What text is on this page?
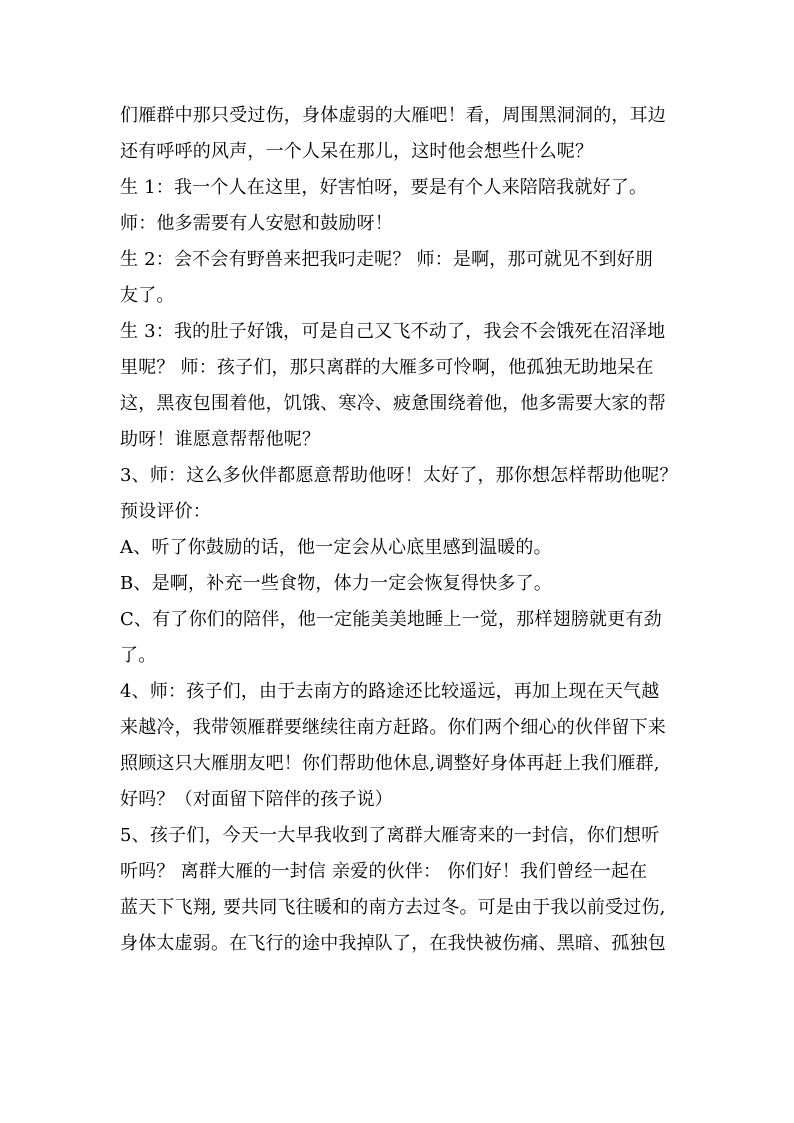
们雁群中那只受过伤，身体虚弱的大雁吧！看，周围黑洞洞的，耳边

还有呼呼的风声，一个人呆在那儿，这时他会想些什么呢？

生 1：我一个人在这里，好害怕呀，要是有个人来陪陪我就好了。

师：他多需要有人安慰和鼓励呀！

生 2：会不会有野兽来把我叼走呢？ 师：是啊，那可就见不到好朋

友了。

生 3：我的肚子好饿，可是自己又飞不动了，我会不会饿死在沼泽地

里呢？ 师：孩子们，那只离群的大雁多可怜啊，他孤独无助地呆在

这，黑夜包围着他，饥饿、寒冷、疲惫围绕着他，他多需要大家的帮

助呀！谁愿意帮帮他呢？

3、师：这么多伙伴都愿意帮助他呀！太好了，那你想怎样帮助他呢？

预设评价：

A、听了你鼓励的话，他一定会从心底里感到温暖的。

B、是啊，补充一些食物，体力一定会恢复得快多了。

C、有了你们的陪伴，他一定能美美地睡上一觉，那样翅膀就更有劲

了。

4、师：孩子们，由于去南方的路途还比较遥远，再加上现在天气越

来越冷，我带领雁群要继续往南方赶路。你们两个细心的伙伴留下来

照顾这只大雁朋友吧！你们帮助他休息,调整好身体再赶上我们雁群,

好吗？（对面留下陪伴的孩子说）

5、孩子们，今天一大早我收到了离群大雁寄来的一封信，你们想听

听吗？ 离群大雁的一封信 亲爱的伙伴： 你们好！我们曾经一起在

蓝天下飞翔, 要共同飞往暖和的南方去过冬。可是由于我以前受过伤,

身体太虚弱。在飞行的途中我掉队了，在我快被伤痛、黑暗、孤独包
